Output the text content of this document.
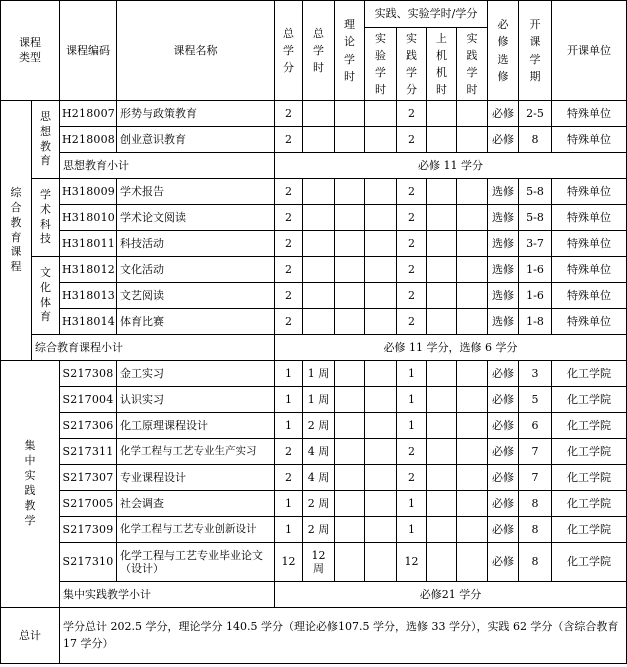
课程类型		课程编码	课程名称	总学分	总学时	理论学时	实践、实验学时/学分				必修选修	开课学期	开课单位
							实验学时	实践学分	上机机时	实践学时			
综合教育课程	思想教育	H218007	形势与政策教育	2				2			必修	2-5	特殊单位
		H218008	创业意识教育	2				2			必修	8	特殊单位
		思想教育小计		必修 11 学分									
	学术科技	H318009	学术报告	2				2			选修	5-8	特殊单位
		H318010	学术论文阅读	2				2			选修	5-8	特殊单位
		H318011	科技活动	2				2			选修	3-7	特殊单位
	文化体育	H318012	文化活动	2				2			选修	1-6	特殊单位
		H318013	文艺阅读	2				2			选修	1-6	特殊单位
		H318014	体育比赛	2				2			选修	1-8	特殊单位
	综合教育课程小计			必修 11 学分，选修 6 学分									
集中实践教学		S217308	金工实习	1	1 周			1			必修	3	化工学院
		S217004	认识实习	1	1 周			1			必修	5	化工学院
		S217306	化工原理课程设计	1	2 周			1			必修	6	化工学院
		S217311	化学工程与工艺专业生产实习	2	4 周			2			必修	7	化工学院
		S217307	专业课程设计	2	4 周			2			必修	7	化工学院
		S217005	社会调查	1	2 周			1			必修	8	化工学院
		S217309	化学工程与工艺专业创新设计	1	2 周			1			必修	8	化工学院
		S217310	化学工程与工艺专业毕业论文（设计）	12	12 周			12			必修	8	化工学院
		集中实践教学小计		必修21 学分									
总计		学分总计 202.5 学分，理论学分 140.5 学分（理论必修107.5 学分，选修 33 学分），实践 62 学分（含综合教育 17 学分）											
